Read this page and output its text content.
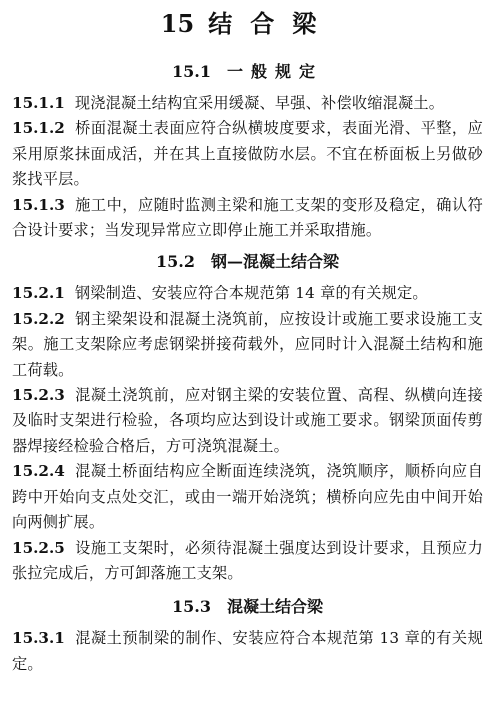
15 结合梁
15.1 一般规定

15.1.1 现浇混凝土结构宜采用缓凝、早强、补偿收缩混凝土。

15.1.2 桥面混凝土表面应符合纵横坡度要求，表面光滑、平整，应采用原浆抹面成活，并在其上直接做防水层。不宜在桥面板上另做砂浆找平层。

15.1.3 施工中，应随时监测主梁和施工支架的变形及稳定，确认符合设计要求；当发现异常应立即停止施工并采取措施。

15.2 钢—混凝土结合梁

15.2.1 钢梁制造、安装应符合本规范第 14 章的有关规定。

15.2.2 钢主梁架设和混凝土浇筑前，应按设计或施工要求设施工支架。施工支架除应考虑钢梁拼接荷载外，应同时计入混凝土结构和施工荷载。

15.2.3 混凝土浇筑前，应对钢主梁的安装位置、高程、纵横向连接及临时支架进行检验，各项均应达到设计或施工要求。钢梁顶面传剪器焊接经检验合格后，方可浇筑混凝土。

15.2.4 混凝土桥面结构应全断面连续浇筑，浇筑顺序，顺桥向应自跨中开始向支点处交汇，或由一端开始浇筑；横桥向应先由中间开始向两侧扩展。

15.2.5 设施工支架时，必须待混凝土强度达到设计要求，且预应力张拉完成后，方可卸落施工支架。

15.3 混凝土结合梁

15.3.1 混凝土预制梁的制作、安装应符合本规范第 13 章的有关规定。
